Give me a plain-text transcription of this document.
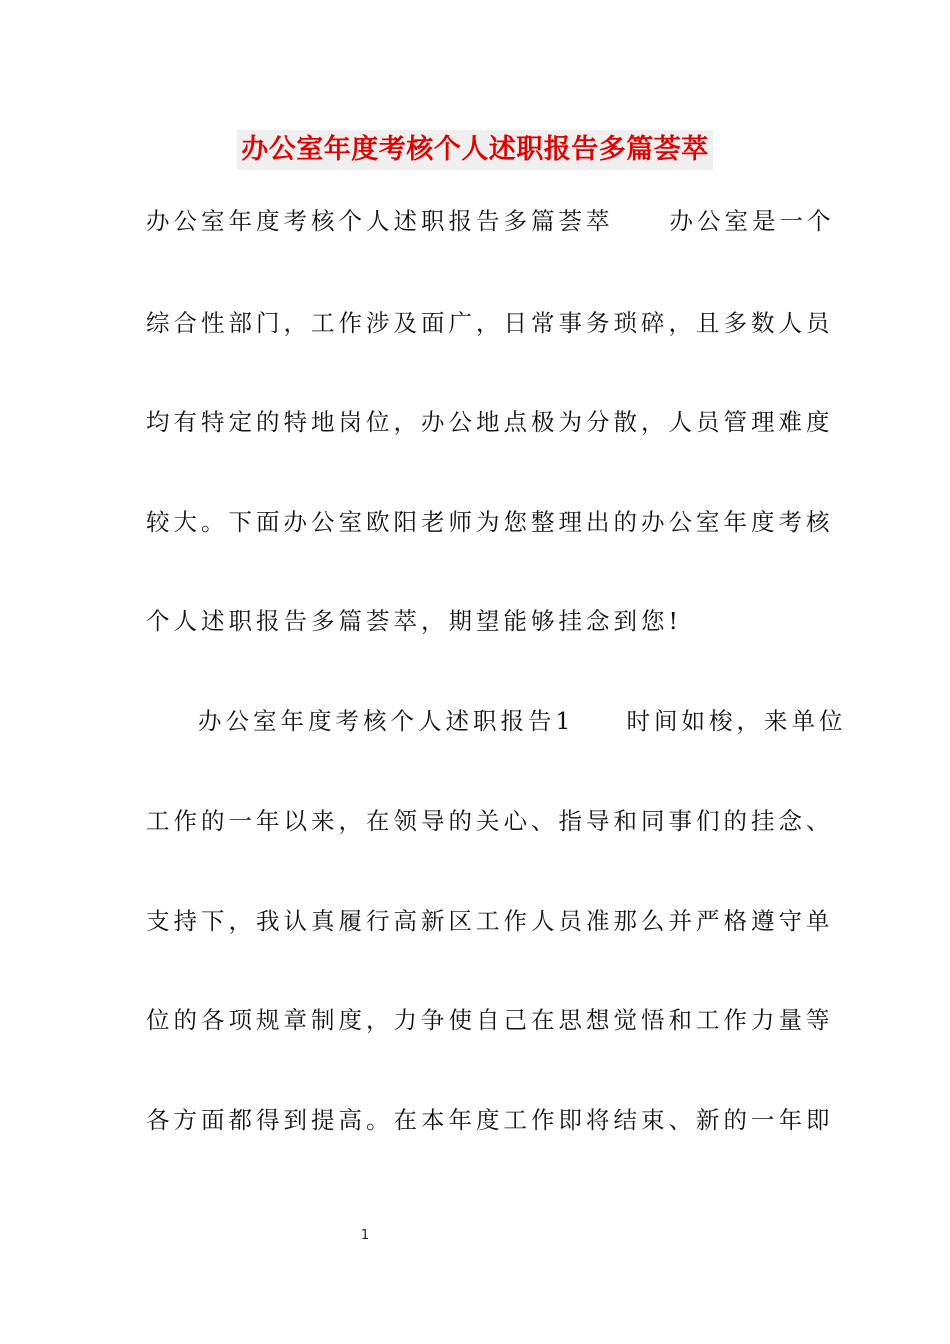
办公室年度考核个人述职报告多篇荟萃
办公室年度考核个人述职报告多篇荟萃 办公室是一个
综合性部门，工作涉及面广，日常事务琐碎，且多数人员
均有特定的特地岗位，办公地点极为分散，人员管理难度
较大。下面办公室欧阳老师为您整理出的办公室年度考核
个人述职报告多篇荟萃，期望能够挂念到您!
办公室年度考核个人述职报告1 时间如梭，来单位
工作的一年以来，在领导的关心、指导和同事们的挂念、
支持下，我认真履行高新区工作人员准那么并严格遵守单
位的各项规章制度，力争使自己在思想觉悟和工作力量等
各方面都得到提高。在本年度工作即将结束、新的一年即
1
